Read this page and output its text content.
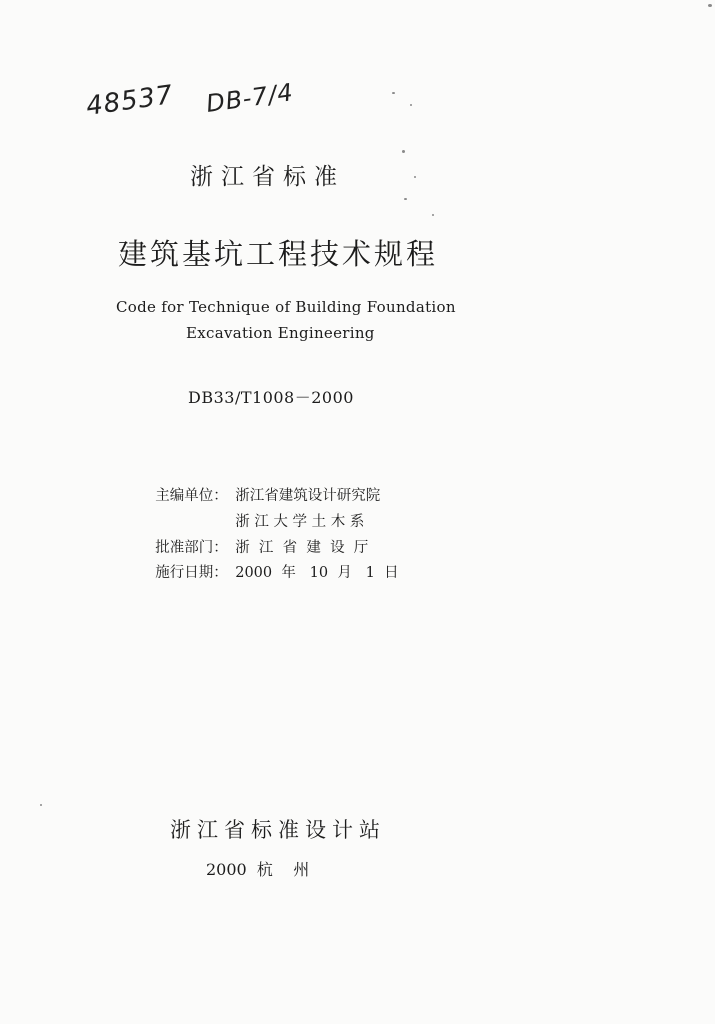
48537 DB-7/4
浙江省标准
建筑基坑工程技术规程
Code for Technique of Building Foundation
Excavation Engineering
DB33/T1008－2000

主编单位： 浙江省建筑设计研究院

浙 江 大 学 土 木 系

批准部门： 浙  江  省  建  设  厅

施行日期： 2000  年   10  月   1  日

浙江省标准设计站
2000  杭    州
